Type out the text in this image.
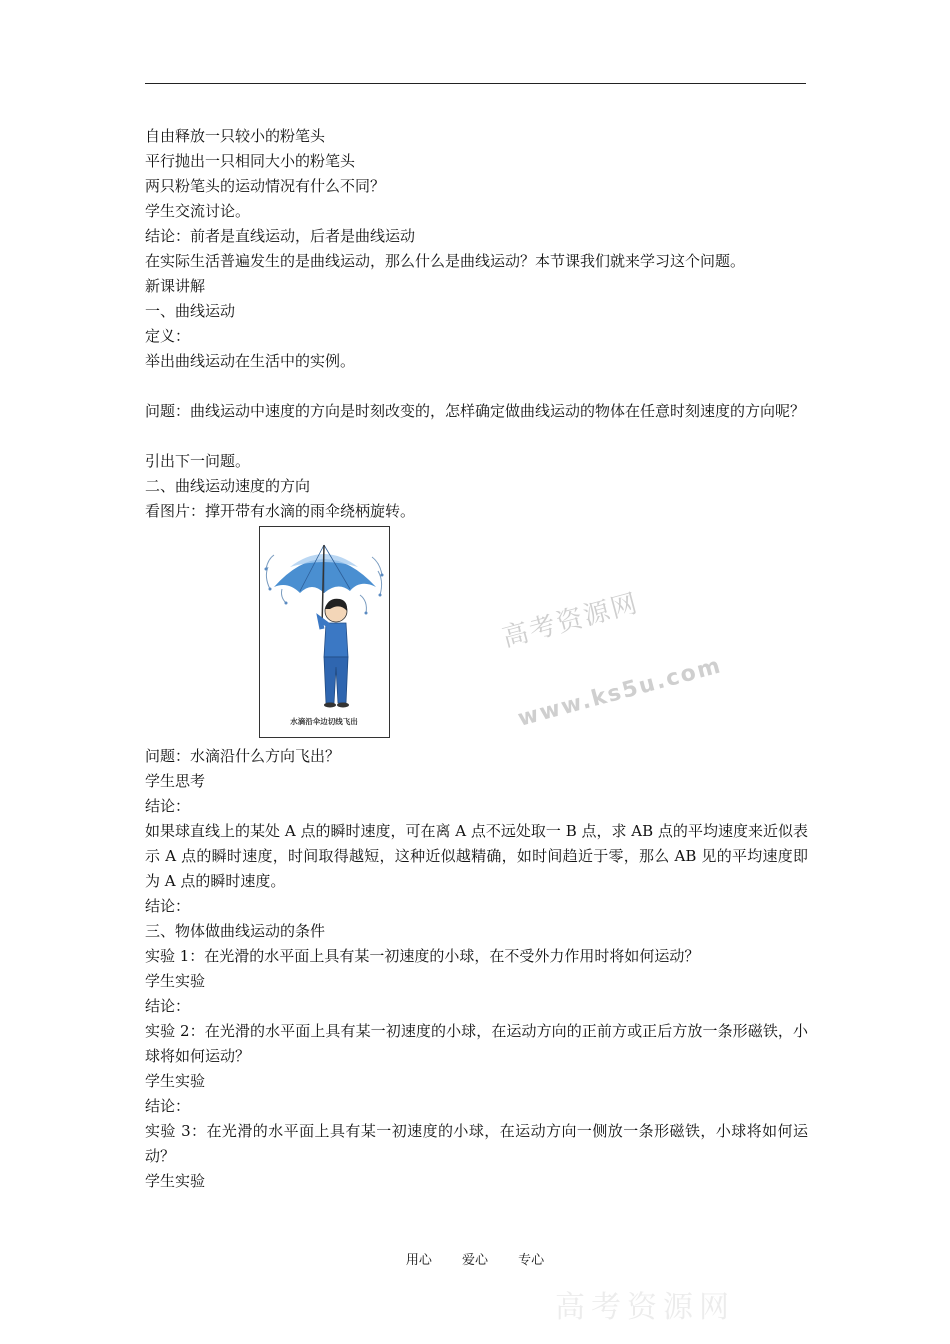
自由释放一只较小的粉笔头

平行抛出一只相同大小的粉笔头

两只粉笔头的运动情况有什么不同？

学生交流讨论。

结论：前者是直线运动，后者是曲线运动

在实际生活普遍发生的是曲线运动，那么什么是曲线运动？本节课我们就来学习这个问题。

新课讲解

一、曲线运动

定义：

举出曲线运动在生活中的实例。

问题：曲线运动中速度的方向是时刻改变的，怎样确定做曲线运动的物体在任意时刻速度的方向呢？

引出下一问题。

二、曲线运动速度的方向

看图片：撑开带有水滴的雨伞绕柄旋转。

水滴沿伞边切线飞出

问题：水滴沿什么方向飞出？

学生思考

结论：

如果球直线上的某处 A 点的瞬时速度，可在离 A 点不远处取一 B 点，求 AB 点的平均速度来近似表示 A 点的瞬时速度，时间取得越短，这种近似越精确，如时间趋近于零，那么 AB 见的平均速度即为 A 点的瞬时速度。

结论：

三、物体做曲线运动的条件

实验 1：在光滑的水平面上具有某一初速度的小球，在不受外力作用时将如何运动？

学生实验

结论：

实验 2：在光滑的水平面上具有某一初速度的小球，在运动方向的正前方或正后方放一条形磁铁，小球将如何运动？

学生实验

结论：

实验 3：在光滑的水平面上具有某一初速度的小球，在运动方向一侧放一条形磁铁，小球将如何运动？

学生实验

高考资源网
www.ks5u.com
高考资源网
用心 爱心 专心
